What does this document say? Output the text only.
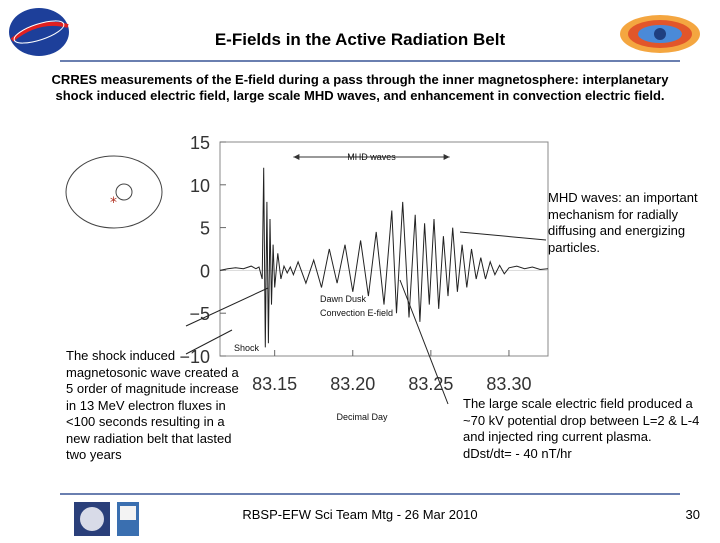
E-Fields in the Active Radiation Belt
CRRES measurements of the E-field during a pass through the inner magnetosphere: interplanetary shock induced electric field, large scale MHD waves, and enhancement in convection electric field.
*
15
10
5
0
−5
−10
83.15 83.20 83.25 83.30
Decimal Day
MHD waves
Dawn Dusk
Convection E-field
Shock
MHD waves: an important mechanism for radially diffusing and energizing particles.
The shock induced magnetosonic wave created a 5 order of magnitude increase in 13 MeV electron fluxes in <100 seconds resulting in a new radiation belt that lasted two years
The large scale electric field produced a ~70 kV potential drop between L=2 & L-4 and injected ring current plasma. dDst/dt= - 40 nT/hr
RBSP-EFW Sci Team Mtg - 26 Mar 2010	30
